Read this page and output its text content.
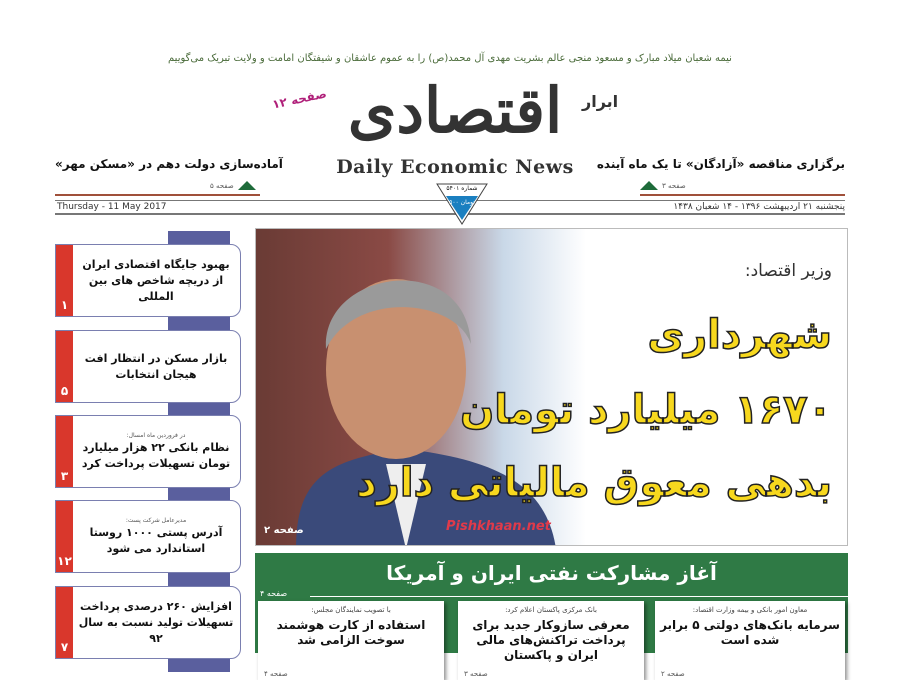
نیمه شعبان میلاد مبارک و مسعود منجی عالم بشریت مهدی آل محمد(ص) را به عموم عاشقان و شیفتگان امامت و ولایت تبریک می‌گوییم
۱۲ صفحه اقتصادی	ابرار
Daily Economic News	برگزاری مناقصه «آزادگان» تا یک ماه آینده
صفحه ۳
آماده‌سازی دولت دهم در «مسکن مهر»
صفحه ۵
Thursday - 11 May 2017	پنجشنبه ۲۱ اردیبهشت ۱۳۹۶ - ۱۴ شعبان ۱۴۳۸
شماره ۵۴۰۱
۵۰۰ تومان
صفحه ۲
وزیر اقتصاد:
شهرداری
۱۶۷۰ میلیارد تومان
بدهی معوق مالیاتی دارد
Pishkhaan.net
آغاز مشارکت نفتی ایران و آمریکا
صفحه ۴
معاون امور بانکی و بیمه وزارت اقتصاد:
سرمایه بانک‌های دولتی ۵ برابر شده است
صفحه ۲
بانک مرکزی پاکستان اعلام کرد:
معرفی سازوکار جدید برای پرداخت تراکنش‌های مالی ایران و پاکستان
صفحه ۳
با تصویب نمایندگان مجلس:
استفاده از کارت هوشمند سوخت الزامی شد
صفحه ۴
۱
بهبود جایگاه اقتصادی ایران از دریچه شاخص های بین المللی
۵
بازار مسکن در انتظار افت هیجان انتخابات
۳
در فروردین ماه امسال:
نظام بانکی ۲۲ هزار میلیارد تومان تسهیلات پرداخت کرد
۱۲
مدیرعامل شرکت پست:
آدرس پستی ۱۰۰۰ روستا استاندارد می شود
۷
افزایش ۲۶۰ درصدی پرداخت تسهیلات تولید نسبت به سال ۹۲
